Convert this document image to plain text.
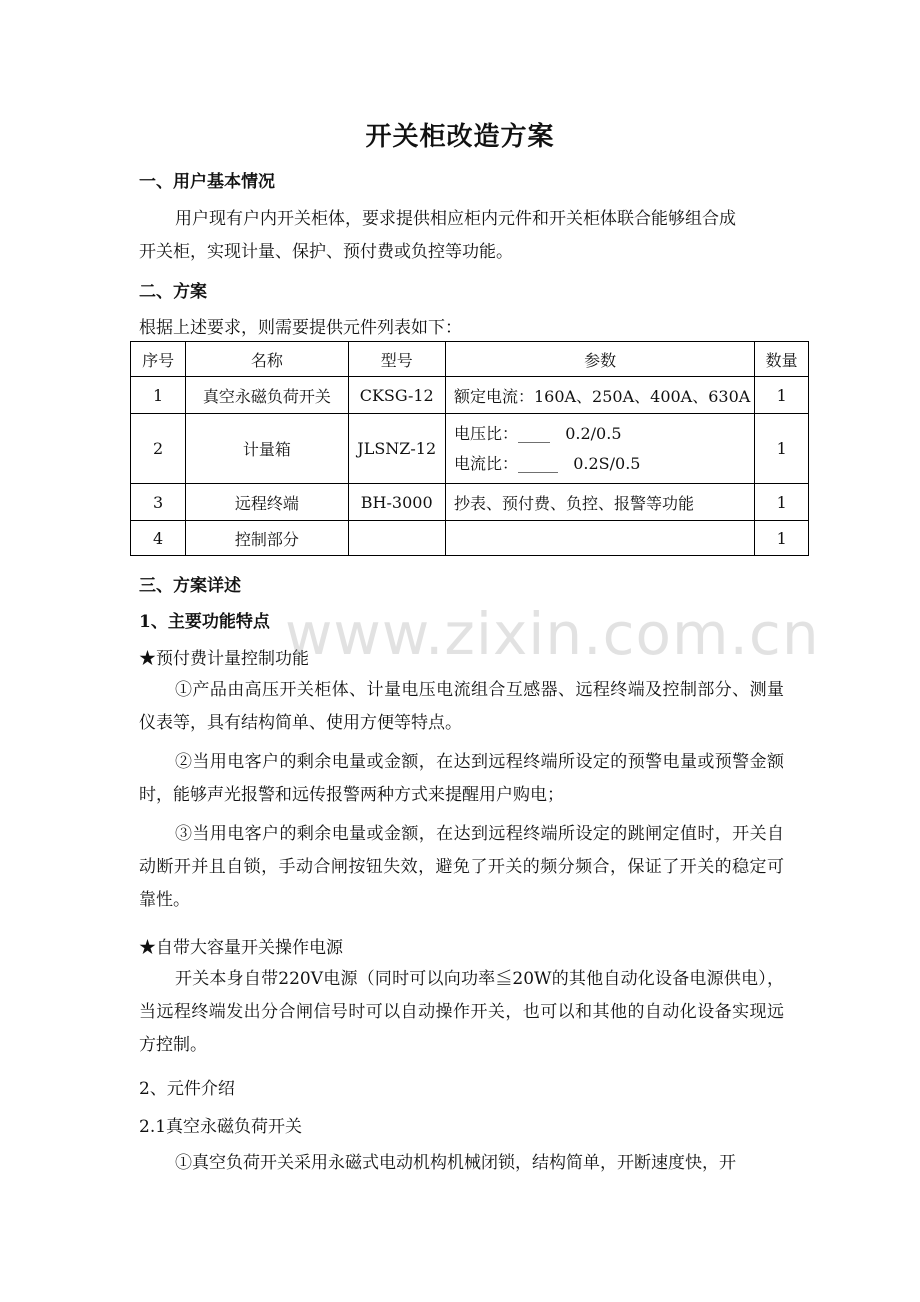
开关柜改造方案
一、用户基本情况
用户现有户内开关柜体，要求提供相应柜内元件和开关柜体联合能够组合成
开关柜，实现计量、保护、预付费或负控等功能。
二、方案
根据上述要求，则需要提供元件列表如下：
序号	名称	型号	参数	数量
1	真空永磁负荷开关	CKSG-12	额定电流：160A、250A、400A、630A	1
2	计量箱	JLSNZ-12	电压比：____   0.2/0.5
电流比：_____   0.2S/0.5	1
3	远程终端	BH-3000	抄表、预付费、负控、报警等功能	1
4	控制部分			1
三、方案详述
1、主要功能特点
★预付费计量控制功能
①产品由高压开关柜体、计量电压电流组合互感器、远程终端及控制部分、测量仪表等，具有结构简单、使用方便等特点。
②当用电客户的剩余电量或金额，在达到远程终端所设定的预警电量或预警金额时，能够声光报警和远传报警两种方式来提醒用户购电；
③当用电客户的剩余电量或金额，在达到远程终端所设定的跳闸定值时，开关自动断开并且自锁，手动合闸按钮失效，避免了开关的频分频合，保证了开关的稳定可靠性。
★自带大容量开关操作电源
开关本身自带220V电源（同时可以向功率≦20W的其他自动化设备电源供电），当远程终端发出分合闸信号时可以自动操作开关，也可以和其他的自动化设备实现远方控制。
2、元件介绍
2.1真空永磁负荷开关
①真空负荷开关采用永磁式电动机构机械闭锁，结构简单，开断速度快，开
www.zixin.com.cn
